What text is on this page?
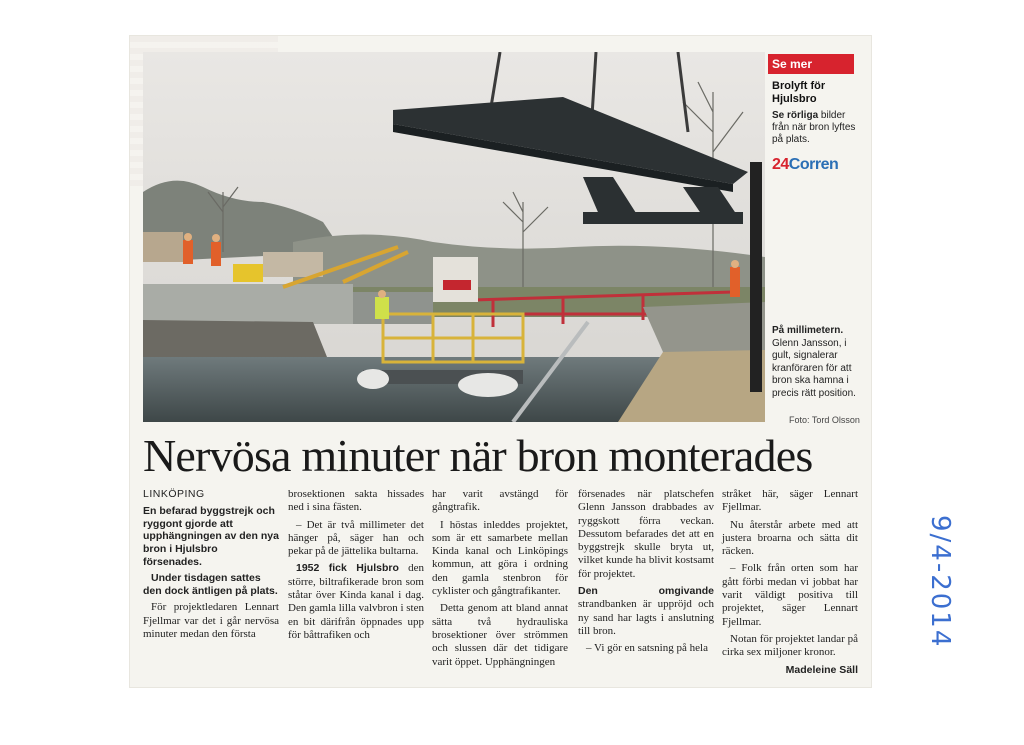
Se mer
Brolyft för Hjulsbro
Se rörliga bilder från när bron lyftes på plats.
24Corren
På millimetern. Glenn Jansson, i gult, signalerar kranföraren för att bron ska hamna i precis rätt position.
Foto: Tord Olsson
Nervösa minuter när bron monterades

LINKÖPING

En befarad byggstrejk och ryggont gjorde att upphängningen av den nya bron i Hjulsbro försenades.

Under tisdagen sattes den dock äntligen på plats.

För projektledaren Lennart Fjellmar var det i går nervösa minuter medan den första

brosektionen sakta hissades ned i sina fästen.

– Det är två millimeter det hänger på, säger han och pekar på de jättelika bultarna.

1952 fick Hjulsbro den större, biltrafikerade bron som ståtar över Kinda kanal i dag. Den gamla lilla valvbron i sten en bit därifrån öppnades upp för båttrafiken och

har varit avstängd för gångtrafik.

I höstas inleddes projektet, som är ett samarbete mellan Kinda kanal och Linköpings kommun, att göra i ordning den gamla stenbron för cyklister och gångtrafikanter.

Detta genom att bland annat sätta två hydrauliska brosektioner över strömmen och slussen där det tidigare varit öppet. Upphängningen

försenades när platschefen Glenn Jansson drabbades av ryggskott förra veckan. Dessutom befarades det att en byggstrejk skulle bryta ut, vilket kunde ha blivit kostsamt för projektet.

Den omgivande strandbanken är uppröjd och ny sand har lagts i anslutning till bron.

– Vi gör en satsning på hela

stråket här, säger Lennart Fjellmar.

Nu återstår arbete med att justera broarna och sätta dit räcken.

– Folk från orten som har gått förbi medan vi jobbat har varit väldigt positiva till projektet, säger Lennart Fjellmar.

Notan för projektet landar på cirka sex miljoner kronor.

Madeleine Säll

9/4-2014
